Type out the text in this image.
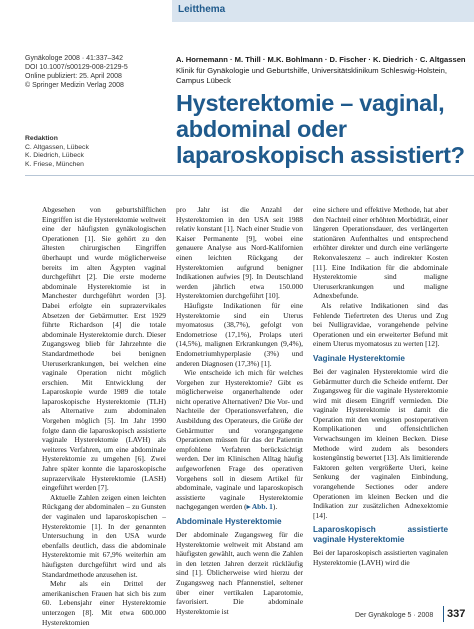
Leitthema
Gynäkologe 2008 · 41:337–342
DOI 10.1007/s00129-008-2129-5
Online publiziert: 25. April 2008
© Springer Medizin Verlag 2008
A. Hornemann · M. Thill · M.K. Bohlmann · D. Fischer · K. Diedrich · C. Altgassen
Klinik für Gynäkologie und Geburtshilfe, Universitätsklinikum Schleswig-Holstein, Campus Lübeck
Hysterektomie – vaginal, abdominal oder laparoskopisch assistiert?
Redaktion
C. Altgassen, Lübeck
K. Diedrich, Lübeck
K. Friese, München

Abgesehen von geburtshilflichen Eingriffen ist die Hysterektomie weltweit eine der häufigsten gynäkologischen Operationen [1]. Sie gehört zu den ältesten chirurgischen Eingriffen überhaupt und wurde möglicherweise bereits im alten Ägypten vaginal durchgeführt [2]. Die erste moderne abdominale Hysterektomie ist in Manchester durchgeführt worden [3]. Dabei erfolgte ein suprazervikales Absetzen der Gebärmutter. Erst 1929 führte Richardson [4] die totale abdominale Hysterektomie durch. Dieser Zugangsweg blieb für Jahrzehnte die Standardmethode bei benignen Uteruserkrankungen, bei welchen eine vaginale Operation nicht möglich erschien. Mit Entwicklung der Laparoskopie wurde 1989 die totale laparoskopische Hysterektomie (TLH) als Alternative zum abdominalen Vorgehen möglich [5]. Im Jahr 1990 folgte dann die laparoskopisch assistierte vaginale Hysterektomie (LAVH) als weiteres Verfahren, um eine abdominale Hysterektomie zu umgehen [6]. Zwei Jahre später konnte die laparoskopische suprazervikale Hysterektomie (LASH) eingeführt werden [7].

Aktuelle Zahlen zeigen einen leichten Rückgang der abdominalen – zu Gunsten der vaginalen und laparoskopischen – Hysterektomie [1]. In der genannten Untersuchung in den USA wurde ebenfalls deutlich, dass die abdominale Hysterektomie mit 67,9% weiterhin am häufigsten durchgeführt wird und als Standardmethode anzusehen ist.

Mehr als ein Drittel der amerikanischen Frauen hat sich bis zum 60. Lebensjahr einer Hysterektomie unterzogen [8]. Mit etwa 600.000 Hysterektomien

pro Jahr ist die Anzahl der Hysterektomien in den USA seit 1988 relativ konstant [1]. Nach einer Studie von Kaiser Permanente [9], wobei eine genauere Analyse aus Nord-Kalifornien einen leichten Rückgang der Hysterektomien aufgrund benigner Indikationen aufwies [9]. In Deutschland werden jährlich etwa 150.000 Hysterektomien durchgeführt [10].

Häufigste Indikationen für eine Hysterektomie sind ein Uterus myomatosus (38,7%), gefolgt von Endometriose (17,1%), Prolaps uteri (14,5%), malignen Erkrankungen (9,4%), Endometriumhyperplasie (3%) und anderen Diagnosen (17,3%) [1].

Wie entscheide ich mich für welches Vorgehen zur Hysterektomie? Gibt es möglicherweise organerhaltende oder nicht operative Alternativen? Die Vor- und Nachteile der Operationsverfahren, die Ausbildung des Operateurs, die Größe der Gebärmutter und vorangegangene Operationen müssen für das der Patientin empfohlene Verfahren berücksichtigt werden. Der im Klinischen Alltag häufig aufgeworfenen Frage des operativen Vorgehens soll in diesem Artikel für abdominale, vaginale und laparoskopisch assistierte vaginale Hysterektomie nachgegangen werden (▸ Abb. 1).

Abdominale Hysterektomie

Der abdominale Zugangsweg für die Hysterektomie weltweit mit Abstand am häufigsten gewählt, auch wenn die Zahlen in den letzten Jahren derzeit rückläufig sind [1]. Üblicherweise wird hierzu der Zugangsweg nach Pfannenstiel, seltener über einer vertikalen Laparotomie, favorisiert. Die abdominale Hysterektomie ist

eine sichere und effektive Methode, hat aber den Nachteil einer erhöhten Morbidität, einer längeren Operationsdauer, des verlängerten stationären Aufenthaltes und entsprechend erhöhter direkter und durch eine verlängerte Rekonvaleszenz – auch indirekter Kosten [11]. Eine Indikation für die abdominale Hysterektomie sind maligne Uteruserkrankungen und maligne Adnexbefunde.

Als relative Indikationen sind das Fehlende Tiefertreten des Uterus und Zug bei Nulligravidae, vorangehende pelvine Operationen und ein erweiterter Befund mit einem Uterus myomatosus zu werten [12].

Vaginale Hysterektomie

Bei der vaginalen Hysterektomie wird die Gebärmutter durch die Scheide entfernt. Der Zugangsweg für die vaginale Hysterektomie wird mit diesem Eingriff vermieden. Die vaginale Hysterektomie ist damit die Operation mit den wenigsten postoperativen Komplikationen und offensichtlichen Verwachsungen im kleinen Becken. Diese Methode wird zudem als besonders kostengünstig bewertet [13]. Als limitierende Faktoren gelten vergrößerte Uteri, keine Senkung der vaginalen Einbindung, vorangehende Sectiones oder andere Operationen im kleinen Becken und die Indikation zur zusätzlichen Adnexektomie [14].

Laparoskopisch assistierte vaginale Hysterektomie

Bei der laparoskopisch assistierten vaginalen Hysterektomie (LAVH) wird die

Der Gynäkologe 5 · 2008 337
